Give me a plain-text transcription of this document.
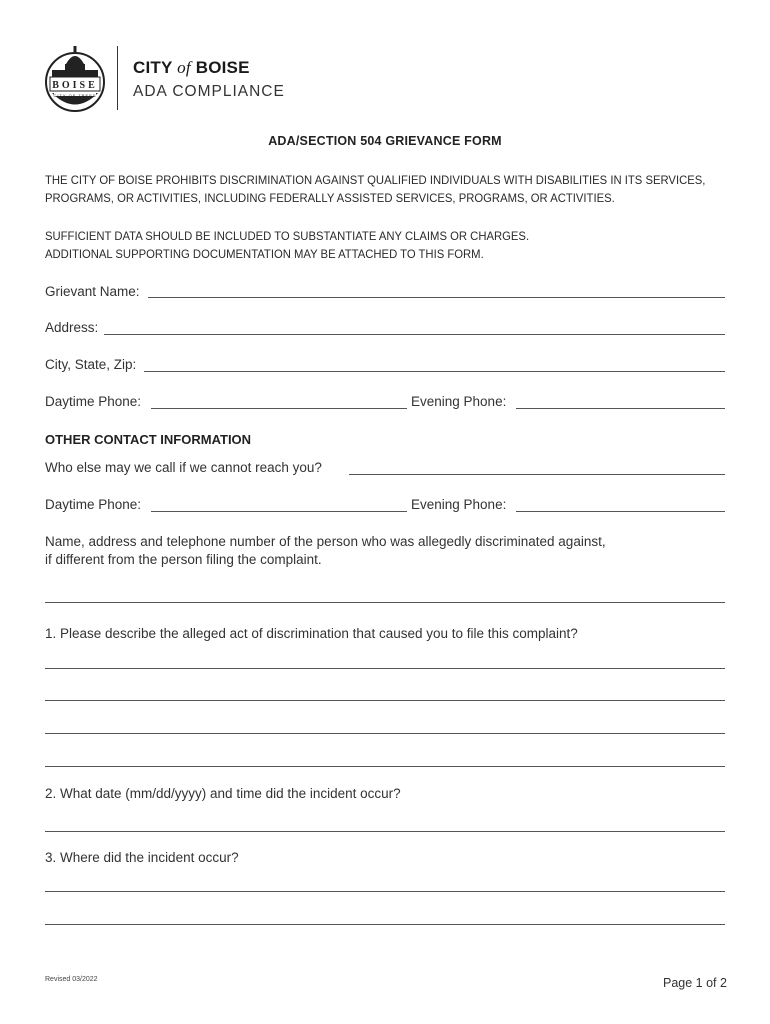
BOISE
CITY OF TREES
CITY of BOISE
ADA COMPLIANCE
ADA/SECTION 504 GRIEVANCE FORM
THE CITY OF BOISE PROHIBITS DISCRIMINATION AGAINST QUALIFIED INDIVIDUALS WITH DISABILITIES IN ITS SERVICES,
PROGRAMS, OR ACTIVITIES, INCLUDING FEDERALLY ASSISTED SERVICES, PROGRAMS, OR ACTIVITIES.
SUFFICIENT DATA SHOULD BE INCLUDED TO SUBSTANTIATE ANY CLAIMS OR CHARGES.
ADDITIONAL SUPPORTING DOCUMENTATION MAY BE ATTACHED TO THIS FORM.
Grievant Name:
Address:
City, State, Zip:
Daytime Phone:	Evening Phone:
OTHER CONTACT INFORMATION
Who else may we call if we cannot reach you?
Daytime Phone:	Evening Phone:
Name, address and telephone number of the person who was allegedly discriminated against,
if different from the person filing the complaint.
1. Please describe the alleged act of discrimination that caused you to file this complaint?
2. What date (mm/dd/yyyy) and time did the incident occur?
3. Where did the incident occur?
Revised 03/2022	Page 1 of 2
